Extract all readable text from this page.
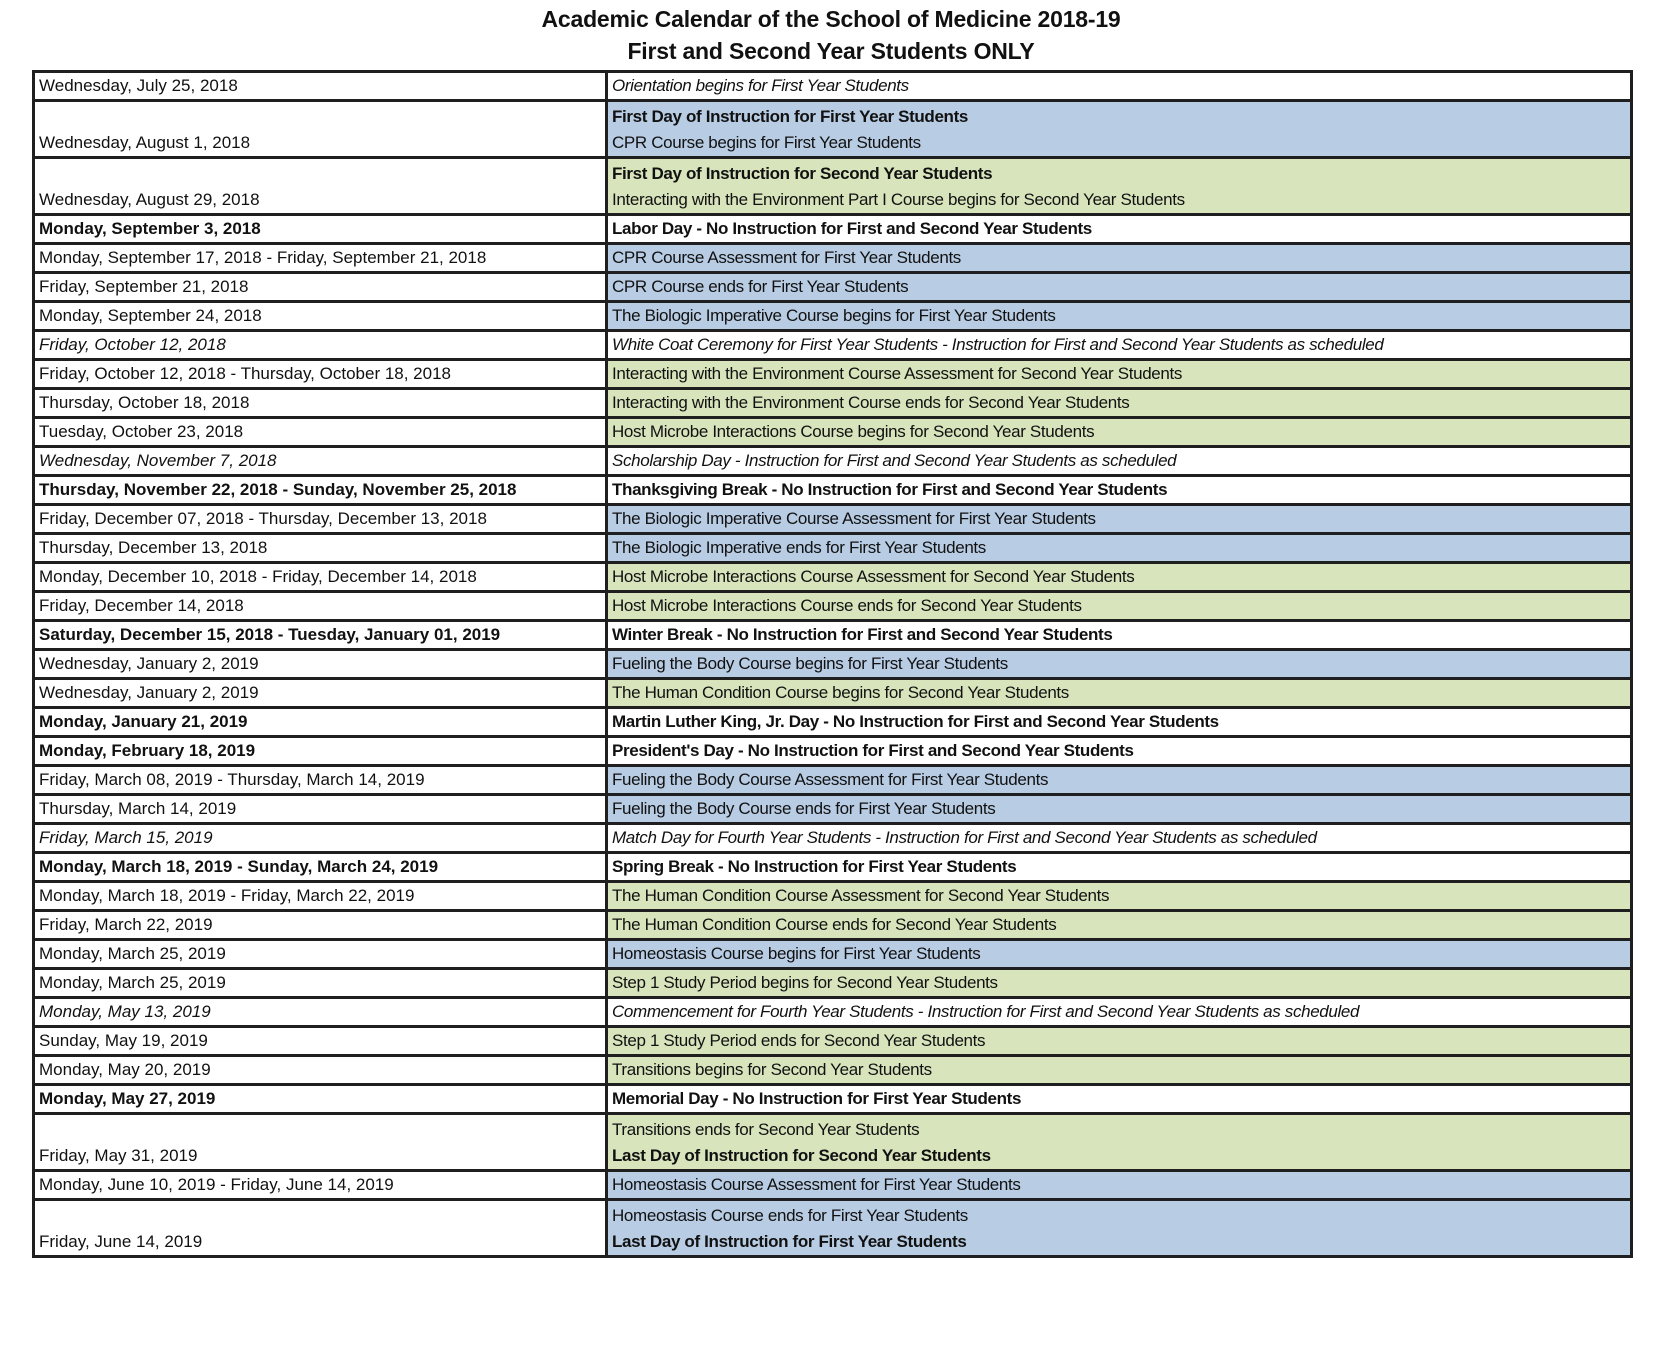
Academic Calendar of the School of Medicine 2018-19
First and Second Year Students ONLY
Wednesday, July 25, 2018	Orientation begins for First Year Students

Wednesday, August 1, 2018	First Day of Instruction for First Year Students
CPR Course begins for First Year Students

Wednesday, August 29, 2018	First Day of Instruction for Second Year Students
Interacting with the Environment Part I Course begins for Second Year Students

Monday, September 3, 2018	Labor Day - No Instruction for First and Second Year Students

Monday, September 17, 2018 - Friday, September 21, 2018	CPR Course Assessment for First Year Students

Friday, September 21, 2018	CPR Course ends for First Year Students

Monday, September 24, 2018	The Biologic Imperative Course begins for First Year Students

Friday, October 12, 2018	White Coat Ceremony for First Year Students - Instruction for First and Second Year Students as scheduled

Friday, October 12, 2018 - Thursday, October 18, 2018	Interacting with the Environment Course Assessment for Second Year Students

Thursday, October 18, 2018	Interacting with the Environment Course ends for Second Year Students

Tuesday, October 23, 2018	Host Microbe Interactions Course begins for Second Year Students

Wednesday, November 7, 2018	Scholarship Day - Instruction for First and Second Year Students as scheduled

Thursday, November 22, 2018 - Sunday, November 25, 2018	Thanksgiving Break - No Instruction for First and Second Year Students

Friday, December 07, 2018 - Thursday, December 13, 2018	The Biologic Imperative Course Assessment for First Year Students

Thursday, December 13, 2018	The Biologic Imperative ends for First Year Students

Monday, December 10, 2018 - Friday, December 14, 2018	Host Microbe Interactions Course Assessment for Second Year Students

Friday, December 14, 2018	Host Microbe Interactions Course ends for Second Year Students

Saturday, December 15, 2018 - Tuesday, January 01, 2019	Winter Break - No Instruction for First and Second Year Students

Wednesday, January 2, 2019	Fueling the Body Course begins for First Year Students

Wednesday, January 2, 2019	The Human Condition Course begins for Second Year Students

Monday, January 21, 2019	Martin Luther King, Jr. Day - No Instruction for First and Second Year Students

Monday, February 18, 2019	President's Day - No Instruction for First and Second Year Students

Friday, March 08, 2019 - Thursday, March 14, 2019	Fueling the Body Course Assessment for First Year Students

Thursday, March 14, 2019	Fueling the Body Course ends for First Year Students

Friday, March 15, 2019	Match Day for Fourth Year Students - Instruction for First and Second Year Students as scheduled

Monday, March 18, 2019 - Sunday, March 24, 2019	Spring Break - No Instruction for First Year Students

Monday, March 18, 2019 - Friday, March 22, 2019	The Human Condition Course Assessment for Second Year Students

Friday, March 22, 2019	The Human Condition Course ends for Second Year Students

Monday, March 25, 2019	Homeostasis Course begins for First Year Students

Monday, March 25, 2019	Step 1 Study Period begins for Second Year Students

Monday, May 13, 2019	Commencement for Fourth Year Students - Instruction for First and Second Year Students as scheduled

Sunday, May 19, 2019	Step 1 Study Period ends for Second Year Students

Monday, May 20, 2019	Transitions begins for Second Year Students

Monday, May 27, 2019	Memorial Day - No Instruction for First Year Students

Friday, May 31, 2019	Transitions ends for Second Year Students
Last Day of Instruction for Second Year Students

Monday, June 10, 2019 - Friday, June 14, 2019	Homeostasis Course Assessment for First Year Students

Friday, June 14, 2019	Homeostasis Course ends for First Year Students
Last Day of Instruction for First Year Students
